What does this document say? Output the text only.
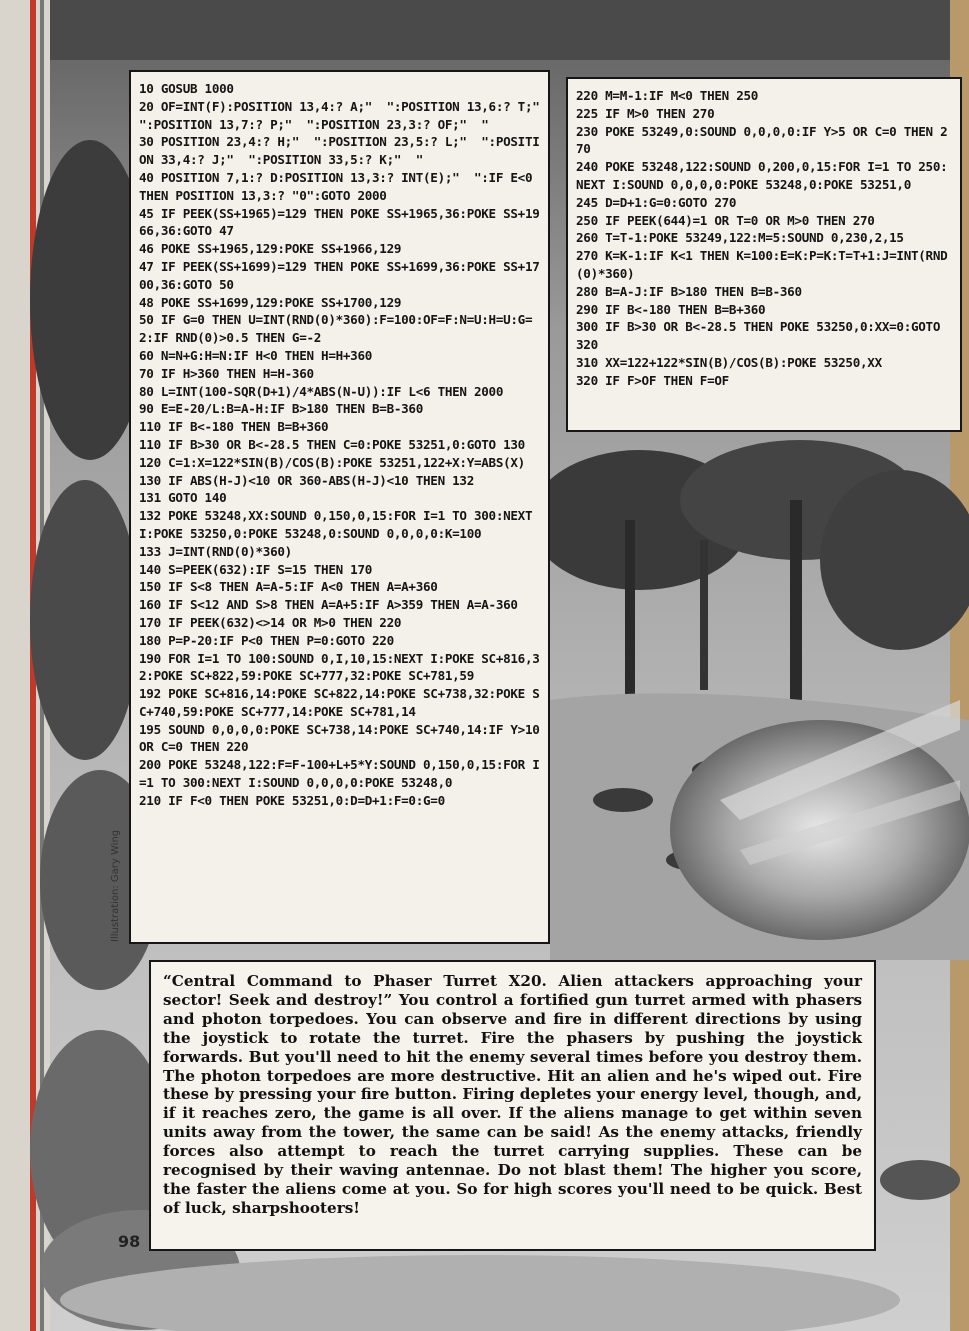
10 GOSUB 1000
20 OF=INT(F):POSITION 13,4:? A;"  ":POSITION 13,6:? T;"  ":POSITION 13,7:? P;"  ":POSITION 23,3:? OF;"  "
30 POSITION 23,4:? H;"  ":POSITION 23,5:? L;"  ":POSITION 33,4:? J;"  ":POSITION 33,5:? K;"  "
40 POSITION 7,1:? D:POSITION 13,3:? INT(E);"  ":IF E<0 THEN POSITION 13,3:? "0":GOTO 2000
45 IF PEEK(SS+1965)=129 THEN POKE SS+1965,36:POKE SS+1966,36:GOTO 47
46 POKE SS+1965,129:POKE SS+1966,129
47 IF PEEK(SS+1699)=129 THEN POKE SS+1699,36:POKE SS+1700,36:GOTO 50
48 POKE SS+1699,129:POKE SS+1700,129
50 IF G=0 THEN U=INT(RND(0)*360):F=100:OF=F:N=U:H=U:G=2:IF RND(0)>0.5 THEN G=-2
60 N=N+G:H=N:IF H<0 THEN H=H+360
70 IF H>360 THEN H=H-360
80 L=INT(100-SQR(D+1)/4*ABS(N-U)):IF L<6 THEN 2000
90 E=E-20/L:B=A-H:IF B>180 THEN B=B-360
110 IF B<-180 THEN B=B+360
110 IF B>30 OR B<-28.5 THEN C=0:POKE 53251,0:GOTO 130
120 C=1:X=122*SIN(B)/COS(B):POKE 53251,122+X:Y=ABS(X)
130 IF ABS(H-J)<10 OR 360-ABS(H-J)<10 THEN 132
131 GOTO 140
132 POKE 53248,XX:SOUND 0,150,0,15:FOR I=1 TO 300:NEXT I:POKE 53250,0:POKE 53248,0:SOUND 0,0,0,0:K=100
133 J=INT(RND(0)*360)
140 S=PEEK(632):IF S=15 THEN 170
150 IF S<8 THEN A=A-5:IF A<0 THEN A=A+360
160 IF S<12 AND S>8 THEN A=A+5:IF A>359 THEN A=A-360
170 IF PEEK(632)<>14 OR M>0 THEN 220
180 P=P-20:IF P<0 THEN P=0:GOTO 220
190 FOR I=1 TO 100:SOUND 0,I,10,15:NEXT I:POKE SC+816,32:POKE SC+822,59:POKE SC+777,32:POKE SC+781,59
192 POKE SC+816,14:POKE SC+822,14:POKE SC+738,32:POKE SC+740,59:POKE SC+777,14:POKE SC+781,14
195 SOUND 0,0,0,0:POKE SC+738,14:POKE SC+740,14:IF Y>10 OR C=0 THEN 220
200 POKE 53248,122:F=F-100+L+5*Y:SOUND 0,150,0,15:FOR I=1 TO 300:NEXT I:SOUND 0,0,0,0:POKE 53248,0
210 IF F<0 THEN POKE 53251,0:D=D+1:F=0:G=0
220 M=M-1:IF M<0 THEN 250
225 IF M>0 THEN 270
230 POKE 53249,0:SOUND 0,0,0,0:IF Y>5 OR C=0 THEN 270
240 POKE 53248,122:SOUND 0,200,0,15:FOR I=1 TO 250:NEXT I:SOUND 0,0,0,0:POKE 53248,0:POKE 53251,0
245 D=D+1:G=0:GOTO 270
250 IF PEEK(644)=1 OR T=0 OR M>0 THEN 270
260 T=T-1:POKE 53249,122:M=5:SOUND 0,230,2,15
270 K=K-1:IF K<1 THEN K=100:E=K:P=K:T=T+1:J=INT(RND(0)*360)
280 B=A-J:IF B>180 THEN B=B-360
290 IF B<-180 THEN B=B+360
300 IF B>30 OR B<-28.5 THEN POKE 53250,0:XX=0:GOTO 320
310 XX=122+122*SIN(B)/COS(B):POKE 53250,XX
320 IF F>OF THEN F=OF
“Central Command to Phaser Turret X20. Alien attackers approaching your sector! Seek and destroy!” You control a fortified gun turret armed with phasers and photon torpedoes. You can observe and fire in different directions by using the joystick to rotate the turret. Fire the phasers by pushing the joystick forwards. But you'll need to hit the enemy several times before you destroy them. The photon torpedoes are more destructive. Hit an alien and he's wiped out. Fire these by pressing your fire button. Firing depletes your energy level, though, and, if it reaches zero, the game is all over. If the aliens manage to get within seven units away from the tower, the same can be said! As the enemy attacks, friendly forces also attempt to reach the turret carrying supplies. These can be recognised by their waving antennae. Do not blast them! The higher you score, the faster the aliens come at you. So for high scores you'll need to be quick. Best of luck, sharpshooters!
98
Illustration: Gary Wing
